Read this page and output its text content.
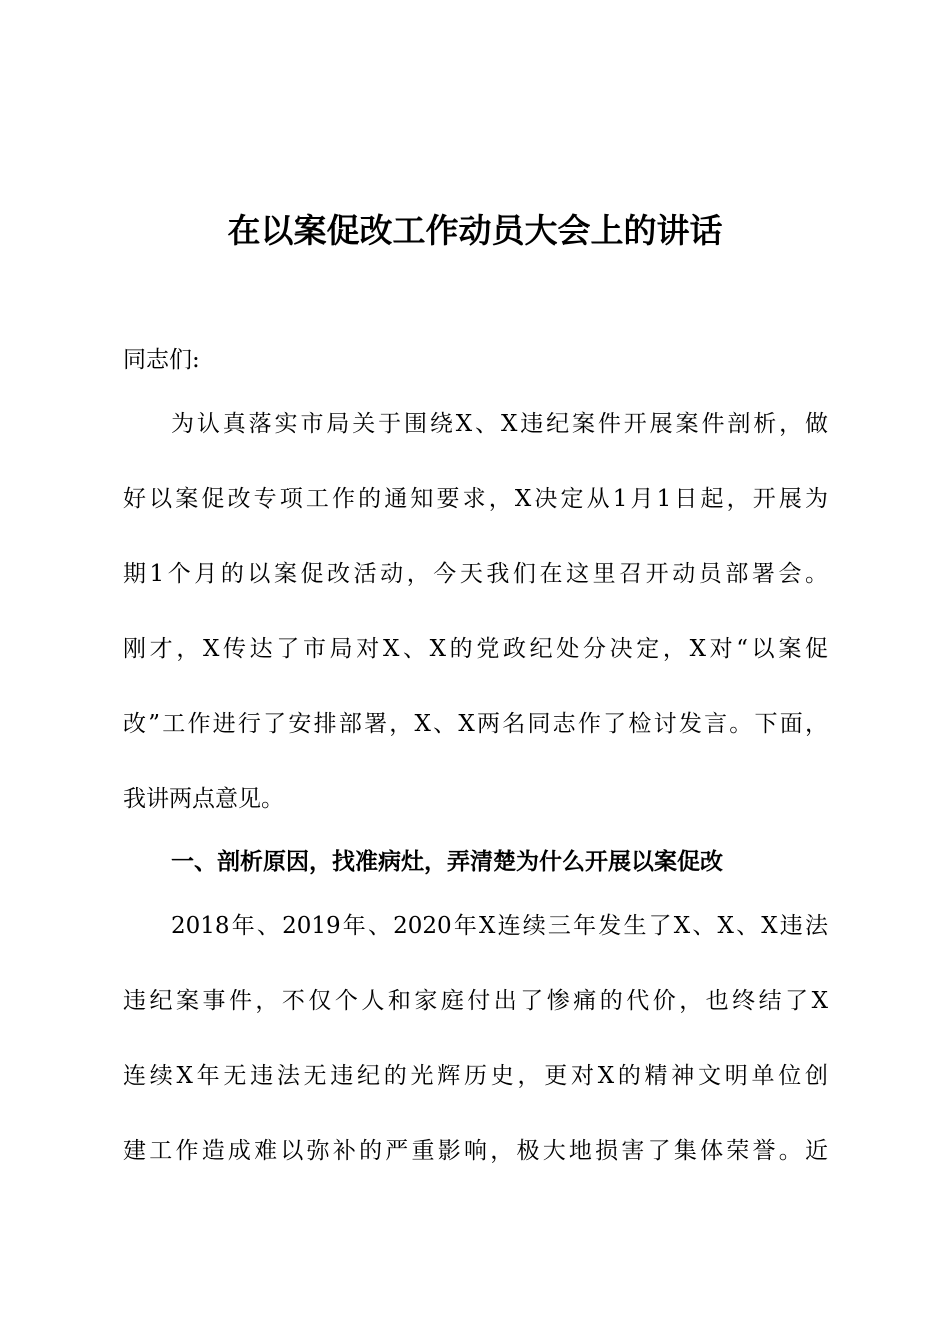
在以案促改工作动员大会上的讲话

同志们:

为认真落实市局关于围绕X、X违纪案件开展案件剖析，做

好以案促改专项工作的通知要求，X决定从1月1日起，开展为

期1个月的以案促改活动，今天我们在这里召开动员部署会。

刚才，X传达了市局对X、X的党政纪处分决定，X对“以案促

改”工作进行了安排部署，X、X两名同志作了检讨发言。下面，

我讲两点意见。

一、剖析原因，找准病灶，弄清楚为什么开展以案促改

2018年、2019年、2020年X连续三年发生了X、X、X违法

违纪案事件，不仅个人和家庭付出了惨痛的代价，也终结了X

连续X年无违法无违纪的光辉历史，更对X的精神文明单位创

建工作造成难以弥补的严重影响，极大地损害了集体荣誉。近
